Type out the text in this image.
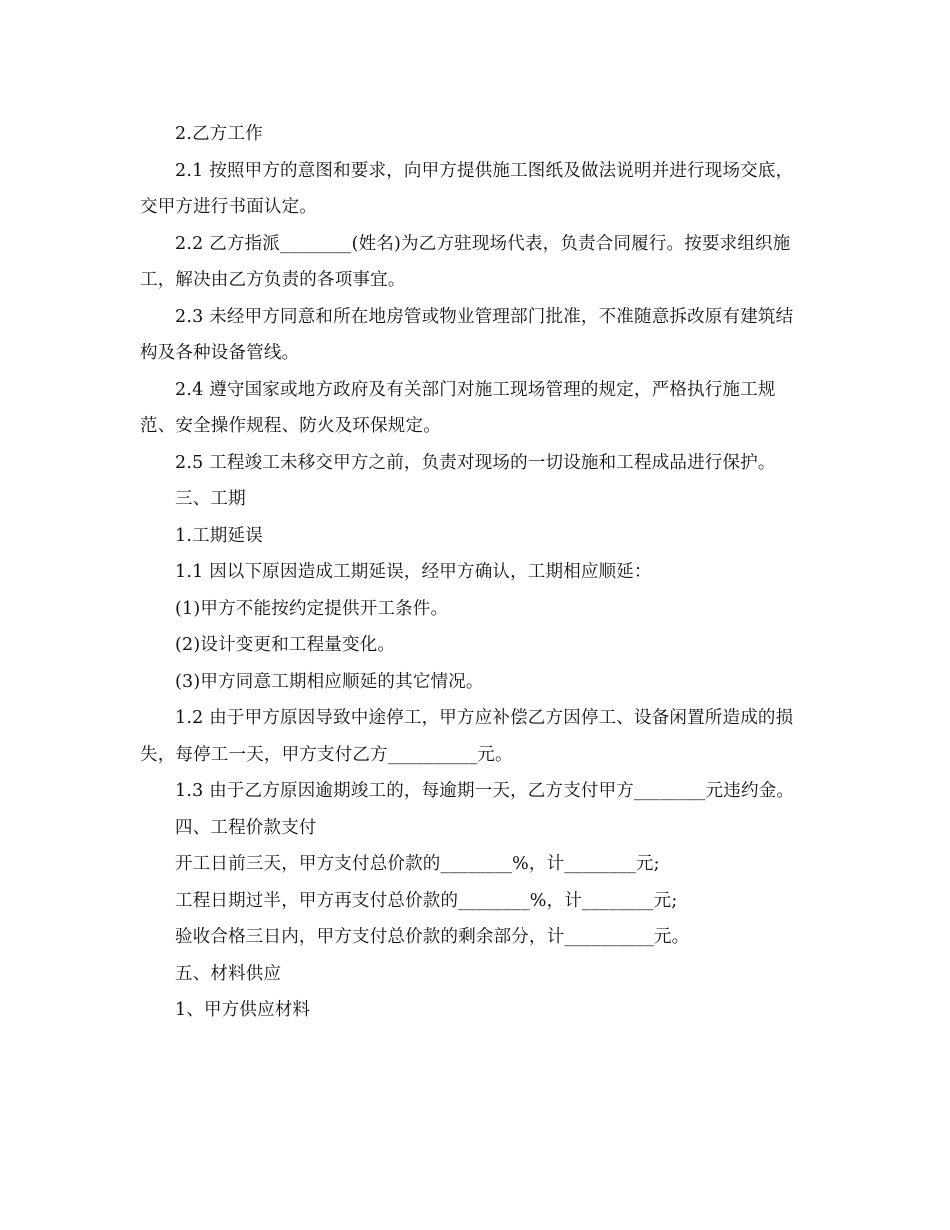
2.乙方工作

2.1 按照甲方的意图和要求，向甲方提供施工图纸及做法说明并进行现场交底，交甲方进行书面认定。

2.2 乙方指派________(姓名)为乙方驻现场代表，负责合同履行。按要求组织施工，解决由乙方负责的各项事宜。

2.3 未经甲方同意和所在地房管或物业管理部门批准，不准随意拆改原有建筑结构及各种设备管线。

2.4 遵守国家或地方政府及有关部门对施工现场管理的规定，严格执行施工规范、安全操作规程、防火及环保规定。

2.5 工程竣工未移交甲方之前，负责对现场的一切设施和工程成品进行保护。

三、工期

1.工期延误

1.1 因以下原因造成工期延误，经甲方确认，工期相应顺延：

(1)甲方不能按约定提供开工条件。

(2)设计变更和工程量变化。

(3)甲方同意工期相应顺延的其它情况。

1.2 由于甲方原因导致中途停工，甲方应补偿乙方因停工、设备闲置所造成的损失，每停工一天，甲方支付乙方__________元。

1.3 由于乙方原因逾期竣工的，每逾期一天，乙方支付甲方________元违约金。

四、工程价款支付

开工日前三天，甲方支付总价款的________%，计________元;

工程日期过半，甲方再支付总价款的________%，计________元;

验收合格三日内，甲方支付总价款的剩余部分，计__________元。

五、材料供应

1、甲方供应材料
